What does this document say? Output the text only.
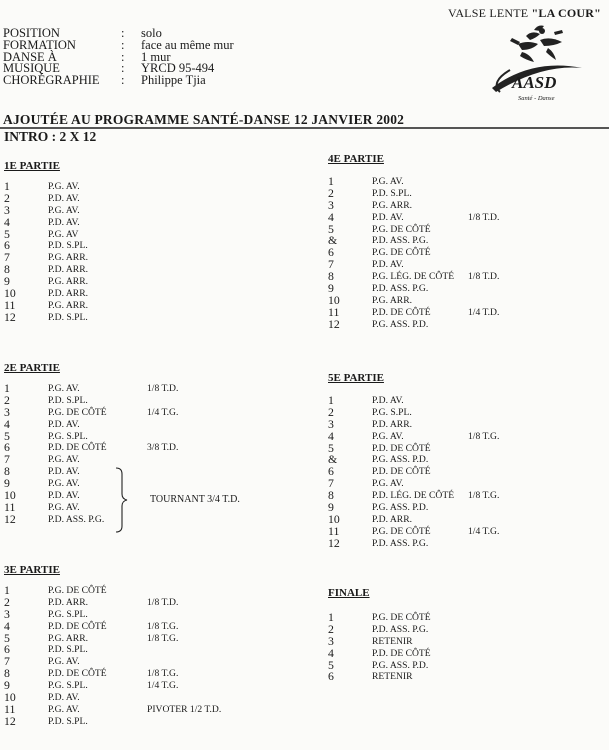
VALSE LENTE "LA COUR"
AASD
Santé - Danse
POSITION	:	solo
FORMATION	:	face au même mur
DANSE À	:	1 mur
MUSIQUE	:	YRCD 95-494
CHORÉGRAPHIE	:	Philippe Tjia
AJOUTÉE AU PROGRAMME SANTÉ-DANSE 12 JANVIER 2002
INTRO : 2 X 12
1E PARTIE
1	P.G. AV.
2	P.D. AV.
3	P.G. AV.
4	P.D. AV.
5	P.G. AV
6	P.D. S.PL.
7	P.G. ARR.
8	P.D. ARR.
9	P.G. ARR.
10	P.D. ARR.
11	P.G. ARR.
12	P.D. S.PL.
2E PARTIE
1	P.G. AV.	1/8 T.D.
2	P.D. S.PL.
3	P.G. DE CÔTÉ	1/4 T.G.
4	P.D. AV.
5	P.G. S.PL.
6	P.D. DE CÔTÉ	3/8 T.D.
7	P.G. AV.
8	P.D. AV.
9	P.G. AV.
10	P.D. AV.
11	P.G. AV.
12	P.D. ASS. P.G.
TOURNANT 3/4 T.D.
3E PARTIE
1	P.G. DE CÔTÉ
2	P.D. ARR.	1/8 T.D.
3	P.G. S.PL.
4	P.D. DE CÔTÉ	1/8 T.G.
5	P.G. ARR.	1/8 T.G.
6	P.D. S.PL.
7	P.G. AV.
8	P.D. DE CÔTÉ	1/8 T.G.
9	P.G. S.PL.	1/4 T.G.
10	P.D. AV.
11	P.G. AV.	PIVOTER 1/2 T.D.
12	P.D. S.PL.
4E PARTIE
1	P.G. AV.
2	P.D. S.PL.
3	P.G. ARR.
4	P.D. AV.	1/8 T.D.
5	P.G. DE CÔTÉ
&	P.D. ASS. P.G.
6	P.G. DE CÔTÉ
7	P.D. AV.
8	P.G. LÉG. DE CÔTÉ	1/8 T.D.
9	P.D. ASS. P.G.
10	P.G. ARR.
11	P.D. DE CÔTÉ	1/4 T.D.
12	P.G. ASS. P.D.
5E PARTIE
1	P.D. AV.
2	P.G. S.PL.
3	P.D. ARR.
4	P.G. AV.	1/8 T.G.
5	P.D. DE CÔTÉ
&	P.G. ASS. P.D.
6	P.D. DE CÔTÉ
7	P.G. AV.
8	P.D. LÉG. DE CÔTÉ	1/8 T.G.
9	P.G. ASS. P.D.
10	P.D. ARR.
11	P.G. DE CÔTÉ	1/4 T.G.
12	P.D. ASS. P.G.
FINALE
1	P.G. DE CÔTÉ
2	P.D. ASS. P.G.
3	RETENIR
4	P.D. DE CÔTÉ
5	P.G. ASS. P.D.
6	RETENIR
